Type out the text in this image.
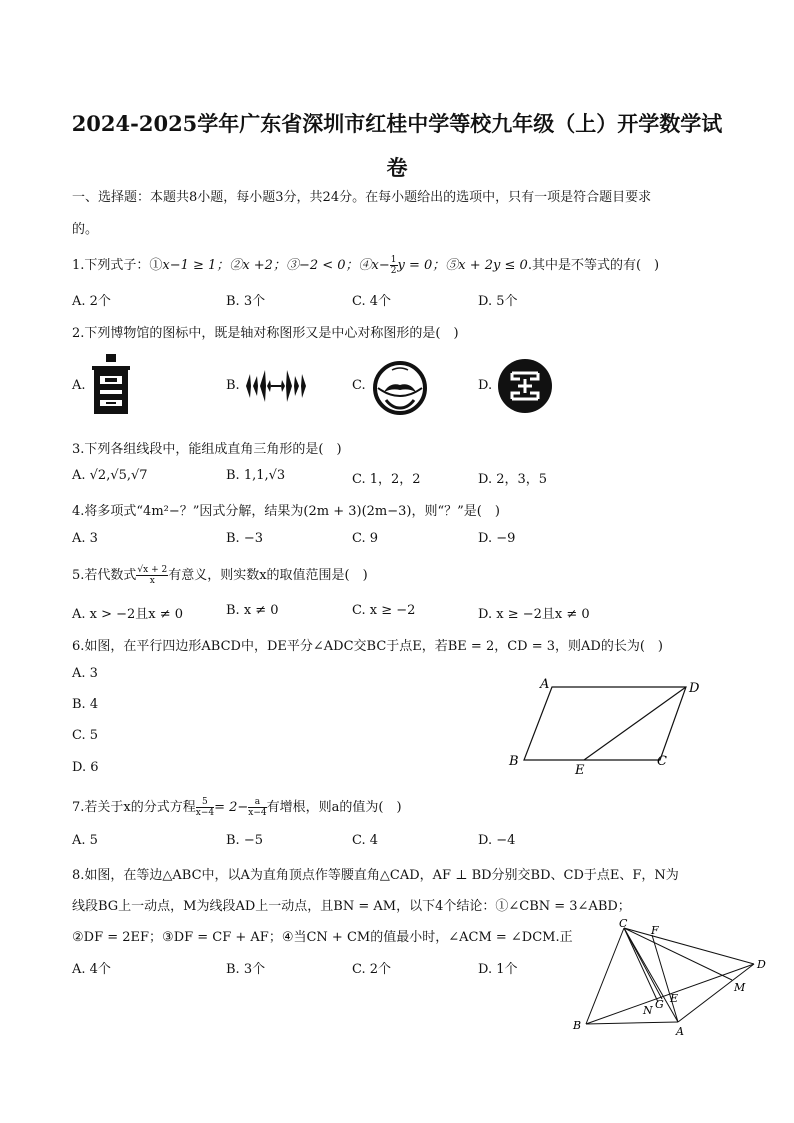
2024-2025学年广东省深圳市红桂中学等校九年级（上）开学数学试
卷
一、选择题：本题共8小题，每小题3分，共24分。在每小题给出的选项中，只有一项是符合题目要求
的。
1.下列式子：①x−1 ≥ 1；②x +2；③−2 < 0；④x− $\frac{1}{2}$ y = 0；⑤x + 2y ≤ 0.其中是不等式的有(　)
A. 2个	B. 3个	C. 4个	D. 5个
2.下列博物馆的图标中，既是轴对称图形又是中心对称图形的是(　)
A.	B.	C.	D.
3.下列各组线段中，能组成直角三角形的是(　)
A. √2,√5,√7	B. 1,1,√3	C. 1，2，2	D. 2，3，5
4.将多项式“4m²−？”因式分解，结果为(2m + 3)(2m−3)，则“？”是(　)
A. 3	B. −3	C. 9	D. −9
5.若代数式 $\frac{√x + 2}{x}$ 有意义，则实数x的取值范围是(　)
A. x > −2且x ≠ 0	B. x ≠ 0	C. x ≥ −2	D. x ≥ −2且x ≠ 0
6.如图，在平行四边形ABCD中，DE平分∠ADC交BC于点E，若BE = 2，CD = 3，则AD的长为(　)
A. 3
B. 4
C. 5
D. 6
A	D
B	C
E
7.若关于x的分式方程 $\frac{5}{x-4} = 2- \frac{a}{x-4}$ 有增根，则a的值为(　)
A. 5	B. −5	C. 4	D. −4
8.如图，在等边△ABC中，以A为直角顶点作等腰直角△CAD，AF ⊥ BD分别交BD、CD于点E、F，N为
线段BG上一动点，M为线段AD上一动点，且BN = AM，以下4个结论：①∠CBN = 3∠ABD；
②DF = 2EF；③DF = CF + AF；④当CN + CM的值最小时，∠ACM = ∠DCM.正
A. 4个	B. 3个	C. 2个	D. 1个
C
F
D
M
N G E
B	A
